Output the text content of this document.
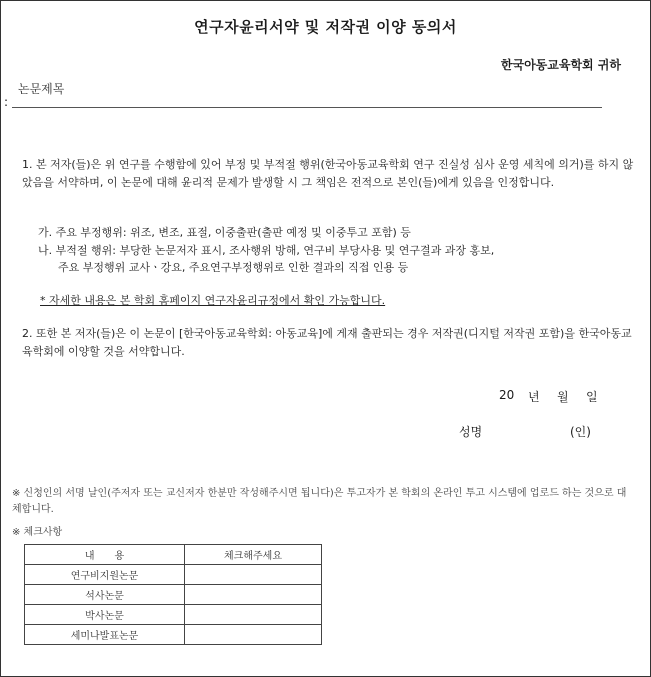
연구자윤리서약 및 저작권 이양 동의서
한국아동교육학회 귀하
논문제목
:
1. 본 저자(들)은 위 연구를 수행함에 있어 부정 및 부적절 행위(한국아동교육학회 연구 진실성 심사 운영 세칙에 의거)를 하지 않았음을 서약하며, 이 논문에 대해 윤리적 문제가 발생할 시 그 책임은 전적으로 본인(들)에게 있음을 인정합니다.
가. 주요 부정행위: 위조, 변조, 표절, 이중출판(출판 예정 및 이중투고 포함) 등
나. 부적절 행위: 부당한 논문저자 표시, 조사행위 방해, 연구비 부당사용 및 연구결과 과장 홍보,
주요 부정행위 교사ㆍ강요, 주요연구부정행위로 인한 결과의 직접 인용 등
* 자세한 내용은 본 학회 홈페이지 연구자윤리규정에서 확인 가능합니다.
2. 또한 본 저자(들)은 이 논문이 [한국아동교육학회: 아동교육]에 게재 출판되는 경우 저작권(디지털 저작권 포함)을 한국아동교육학회에 이양할 것을 서약합니다.
20 년 월 일
성명	(인)
※ 신청인의 서명 날인(주저자 또는 교신저자 한분만 작성해주시면 됩니다)은 투고자가 본 학회의 온라인 투고 시스템에 업로드 하는 것으로 대체합니다.
※ 체크사항
내　　용	체크해주세요
연구비지원논문	
석사논문	
박사논문	
세미나발표논문	
